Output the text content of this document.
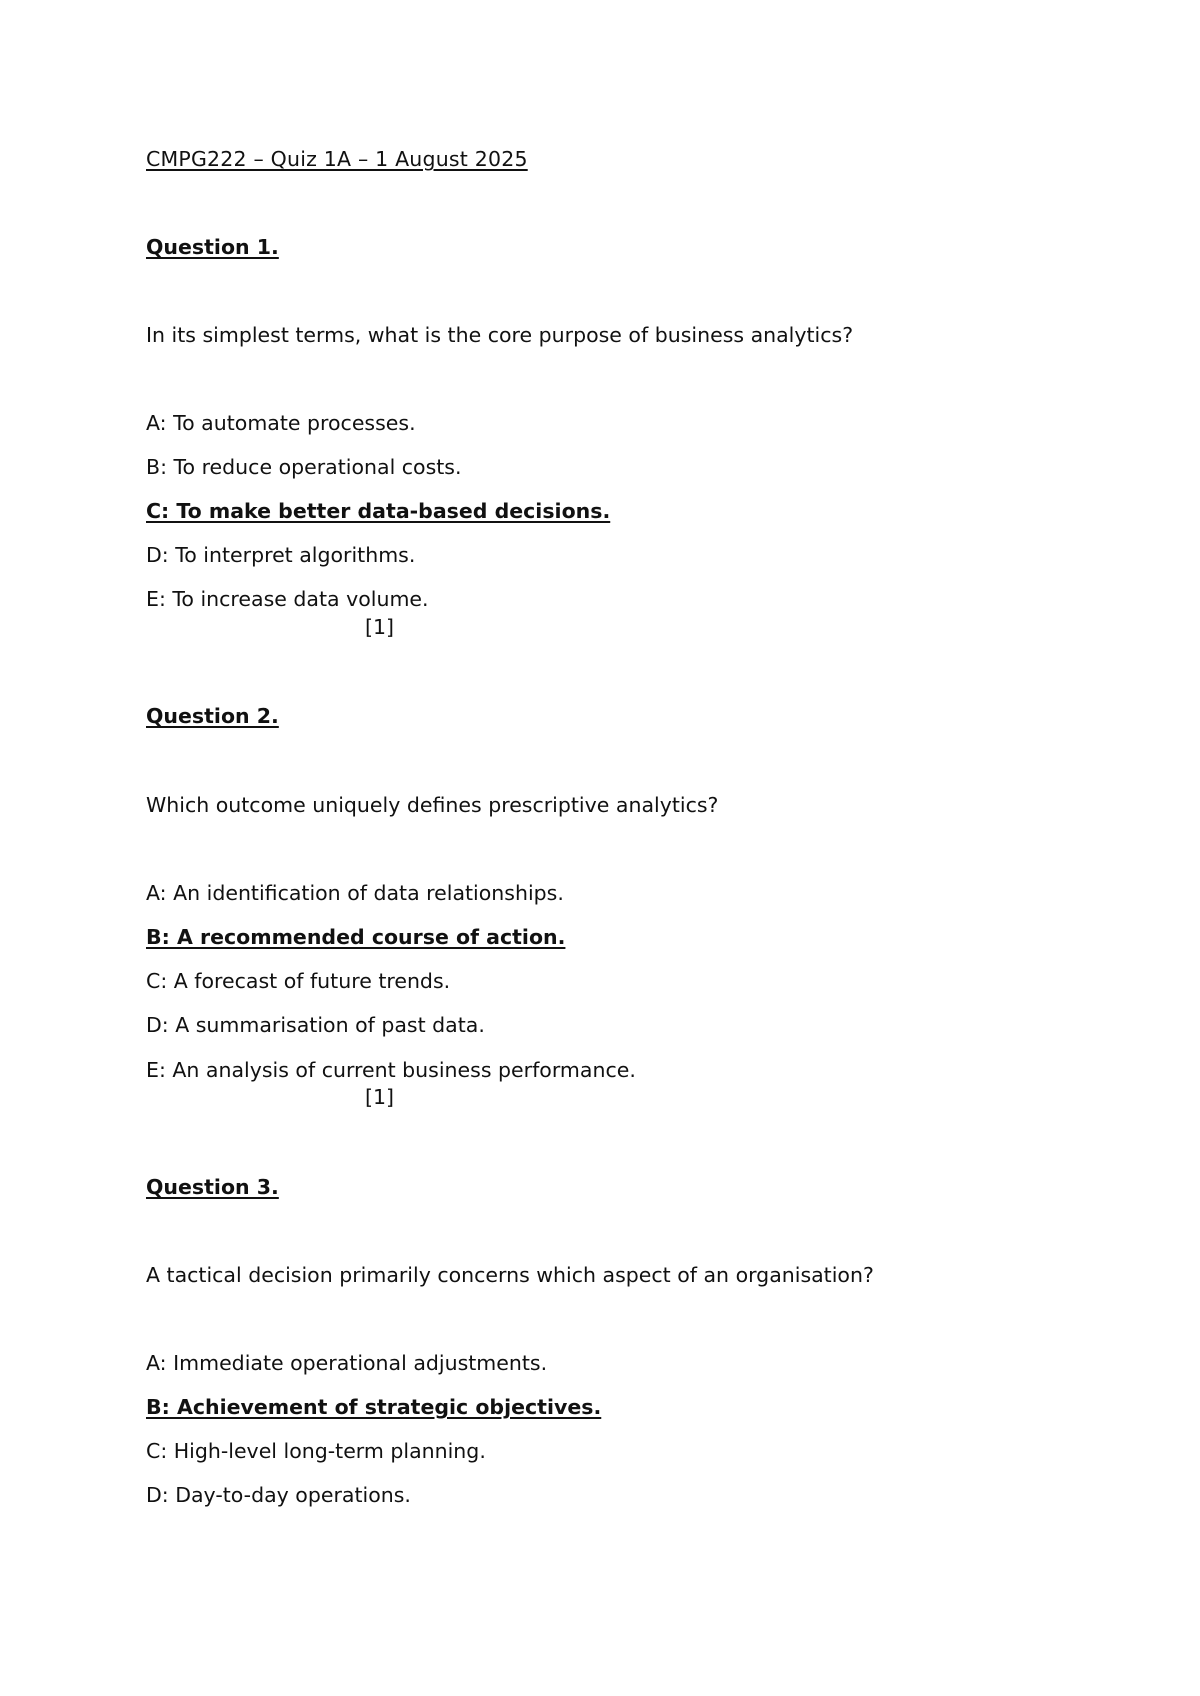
CMPG222 – Quiz 1A – 1 August 2025
Question 1.
In its simplest terms, what is the core purpose of business analytics?
A: To automate processes.
B: To reduce operational costs.
C: To make better data-based decisions.
D: To interpret algorithms.
E: To increase data volume.
[1]
Question 2.
Which outcome uniquely defines prescriptive analytics?
A: An identification of data relationships.
B: A recommended course of action.
C: A forecast of future trends.
D: A summarisation of past data.
E: An analysis of current business performance.
[1]
Question 3.
A tactical decision primarily concerns which aspect of an organisation?
A: Immediate operational adjustments.
B: Achievement of strategic objectives.
C: High-level long-term planning.
D: Day-to-day operations.
